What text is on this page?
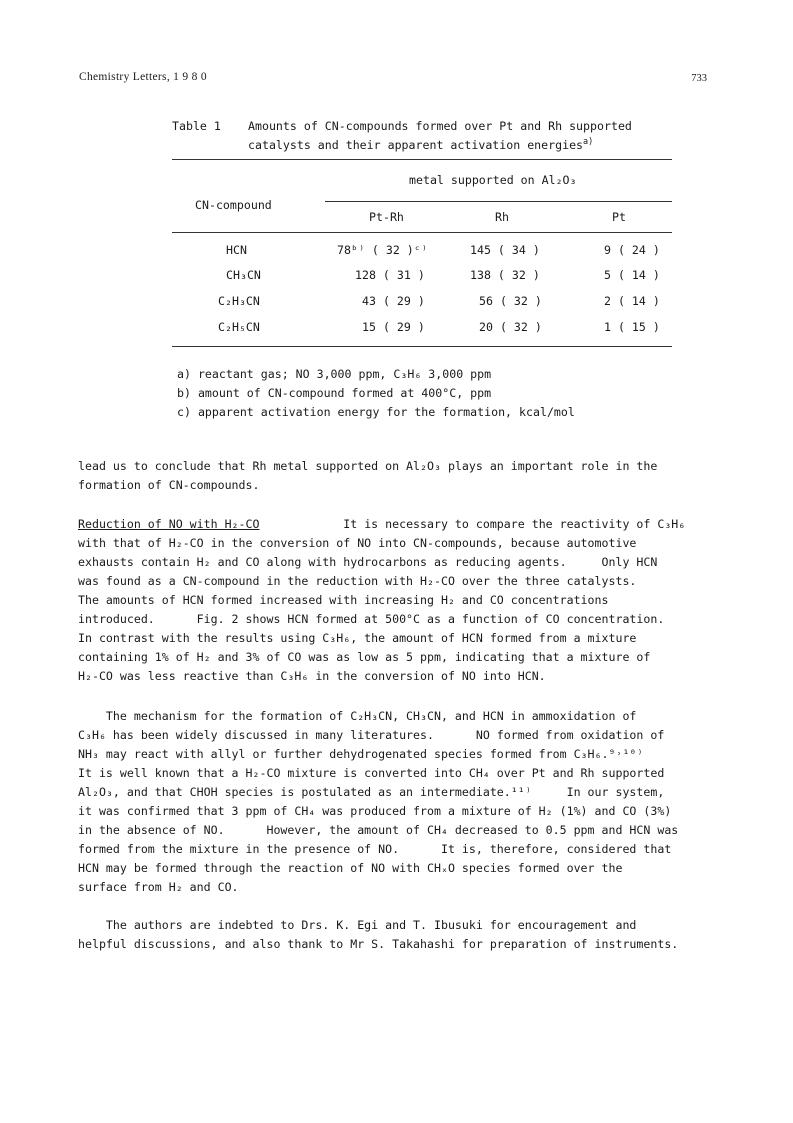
Chemistry Letters, 1 9 8 0	733
Table 1 Amounts of CN-compounds formed over Pt and Rh supported
catalysts and their apparent activation energies$^{a)}$
metal supported on Al₂O₃
CN-compound
Pt-Rh	Rh	Pt
HCN	78ᵇ⁾ ( 32 )ᶜ⁾	145 ( 34 )	9 ( 24 )
CH₃CN	128 ( 31 )	138 ( 32 )	5 ( 14 )
C₂H₃CN	43 ( 29 )	56 ( 32 )	2 ( 14 )
C₂H₅CN	15 ( 29 )	20 ( 32 )	1 ( 15 )
a) reactant gas; NO 3,000 ppm, C₃H₆ 3,000 ppm
b) amount of CN-compound formed at 400°C, ppm
c) apparent activation energy for the formation, kcal/mol
lead us to conclude that Rh metal supported on Al₂O₃ plays an important role in the
formation of CN-compounds.
Reduction of NO with H₂-CO	It is necessary to compare the reactivity of C₃H₆
with that of H₂-CO in the conversion of NO into CN-compounds, because automotive
exhausts contain H₂ and CO along with hydrocarbons as reducing agents.     Only HCN
was found as a CN-compound in the reduction with H₂-CO over the three catalysts.
The amounts of HCN formed increased with increasing H₂ and CO concentrations
introduced.      Fig. 2 shows HCN formed at 500°C as a function of CO concentration.
In contrast with the results using C₃H₆, the amount of HCN formed from a mixture
containing 1% of H₂ and 3% of CO was as low as 5 ppm, indicating that a mixture of
H₂-CO was less reactive than C₃H₆ in the conversion of NO into HCN.
The mechanism for the formation of C₂H₃CN, CH₃CN, and HCN in ammoxidation of
C₃H₆ has been widely discussed in many literatures.      NO formed from oxidation of
NH₃ may react with allyl or further dehydrogenated species formed from C₃H₆.⁹˒¹⁰⁾
It is well known that a H₂-CO mixture is converted into CH₄ over Pt and Rh supported
Al₂O₃, and that CHOH species is postulated as an intermediate.¹¹⁾     In our system,
it was confirmed that 3 ppm of CH₄ was produced from a mixture of H₂ (1%) and CO (3%)
in the absence of NO.      However, the amount of CH₄ decreased to 0.5 ppm and HCN was
formed from the mixture in the presence of NO.      It is, therefore, considered that
HCN may be formed through the reaction of NO with CHₓO species formed over the
surface from H₂ and CO.
The authors are indebted to Drs. K. Egi and T. Ibusuki for encouragement and
helpful discussions, and also thank to Mr S. Takahashi for preparation of instruments.
